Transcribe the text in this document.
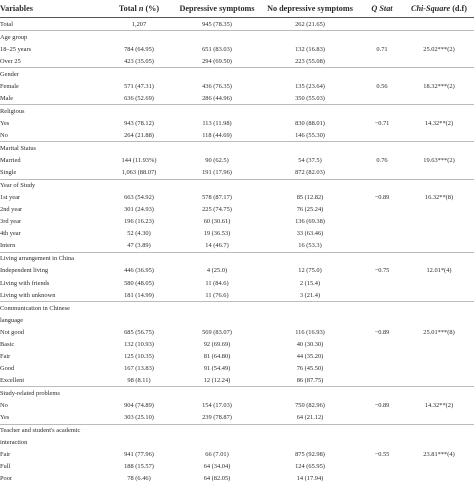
Variables	Total n (%)	Depressive symptoms	No depressive symptoms	Q Stat	Chi-Square (d.f)
Total	1,207	945 (78.35)	262 (21.65)		
Age group					
18–25 years	784 (64.95)	651 (83.03)	132 (16.83)	0.71	25.02***(2)
Over 25	423 (35.05)	294 (69.50)	223 (55.08)		
Gender					
Female	571 (47.31)	436 (76.35)	135 (23.64)	0.56	18.32***(2)
Male	636 (52.69)	286 (44.96)	350 (55.03)		
Religious					
Yes	943 (78.12)	113 (11.98)	830 (88.01)	−0.71	14.32**(2)
No	264 (21.88)	118 (44.69)	146 (55.30)		
Marital Status					
Married	144 (11.93%)	90 (62.5)	54 (37.5)	0.76	19.63***(2)
Single	1,063 (88.07)	191 (17.96)	872 (82.03)		
Year of Study					
1st year	663 (54.92)	578 (87.17)	85 (12.82)	−0.89	16.32**(8)
2nd year	301 (24.93)	225 (74.75)	76 (25.24)		
3rd year	196 (16.23)	60 (30.61)	136 (69.38)		
4th year	52 (4.30)	19 (36.53)	33 (63.46)		
Intern	47 (3.89)	14 (46.7)	16 (53.3)		
Living arrangement in China					
Independent living	446 (36.95)	4 (25.0)	12 (75.0)	−0.75	12.01*(4)
Living with friends	580 (48.05)	11 (84.6)	2 (15.4)		
Living with unknown	181 (14.99)	11 (76.6)	3 (21.4)		
Communication in Chinese					
language					
Not good	685 (56.75)	569 (83.07)	116 (16.93)	−0.89	25.01***(8)
Basic	132 (10.93)	92 (69.69)	40 (30.30)		
Fair	125 (10.35)	81 (64.80)	44 (35.20)		
Good	167 (13.83)	91 (54.49)	76 (45.50)		
Excellent	98 (8.11)	12 (12.24)	86 (87.75)		
Study-related problems					
No	904 (74.89)	154 (17.03)	750 (82.96)	−0.89	14.32**(2)
Yes	303 (25.10)	239 (78.87)	64 (21.12)		
Teacher and student's academic					
interaction					
Fair	941 (77.96)	66 (7.01)	875 (92.98)	−0.55	23.81***(4)
Full	188 (15.57)	64 (34.04)	124 (65.95)		
Poor	78 (6.46)	64 (82.05)	14 (17.94)		
